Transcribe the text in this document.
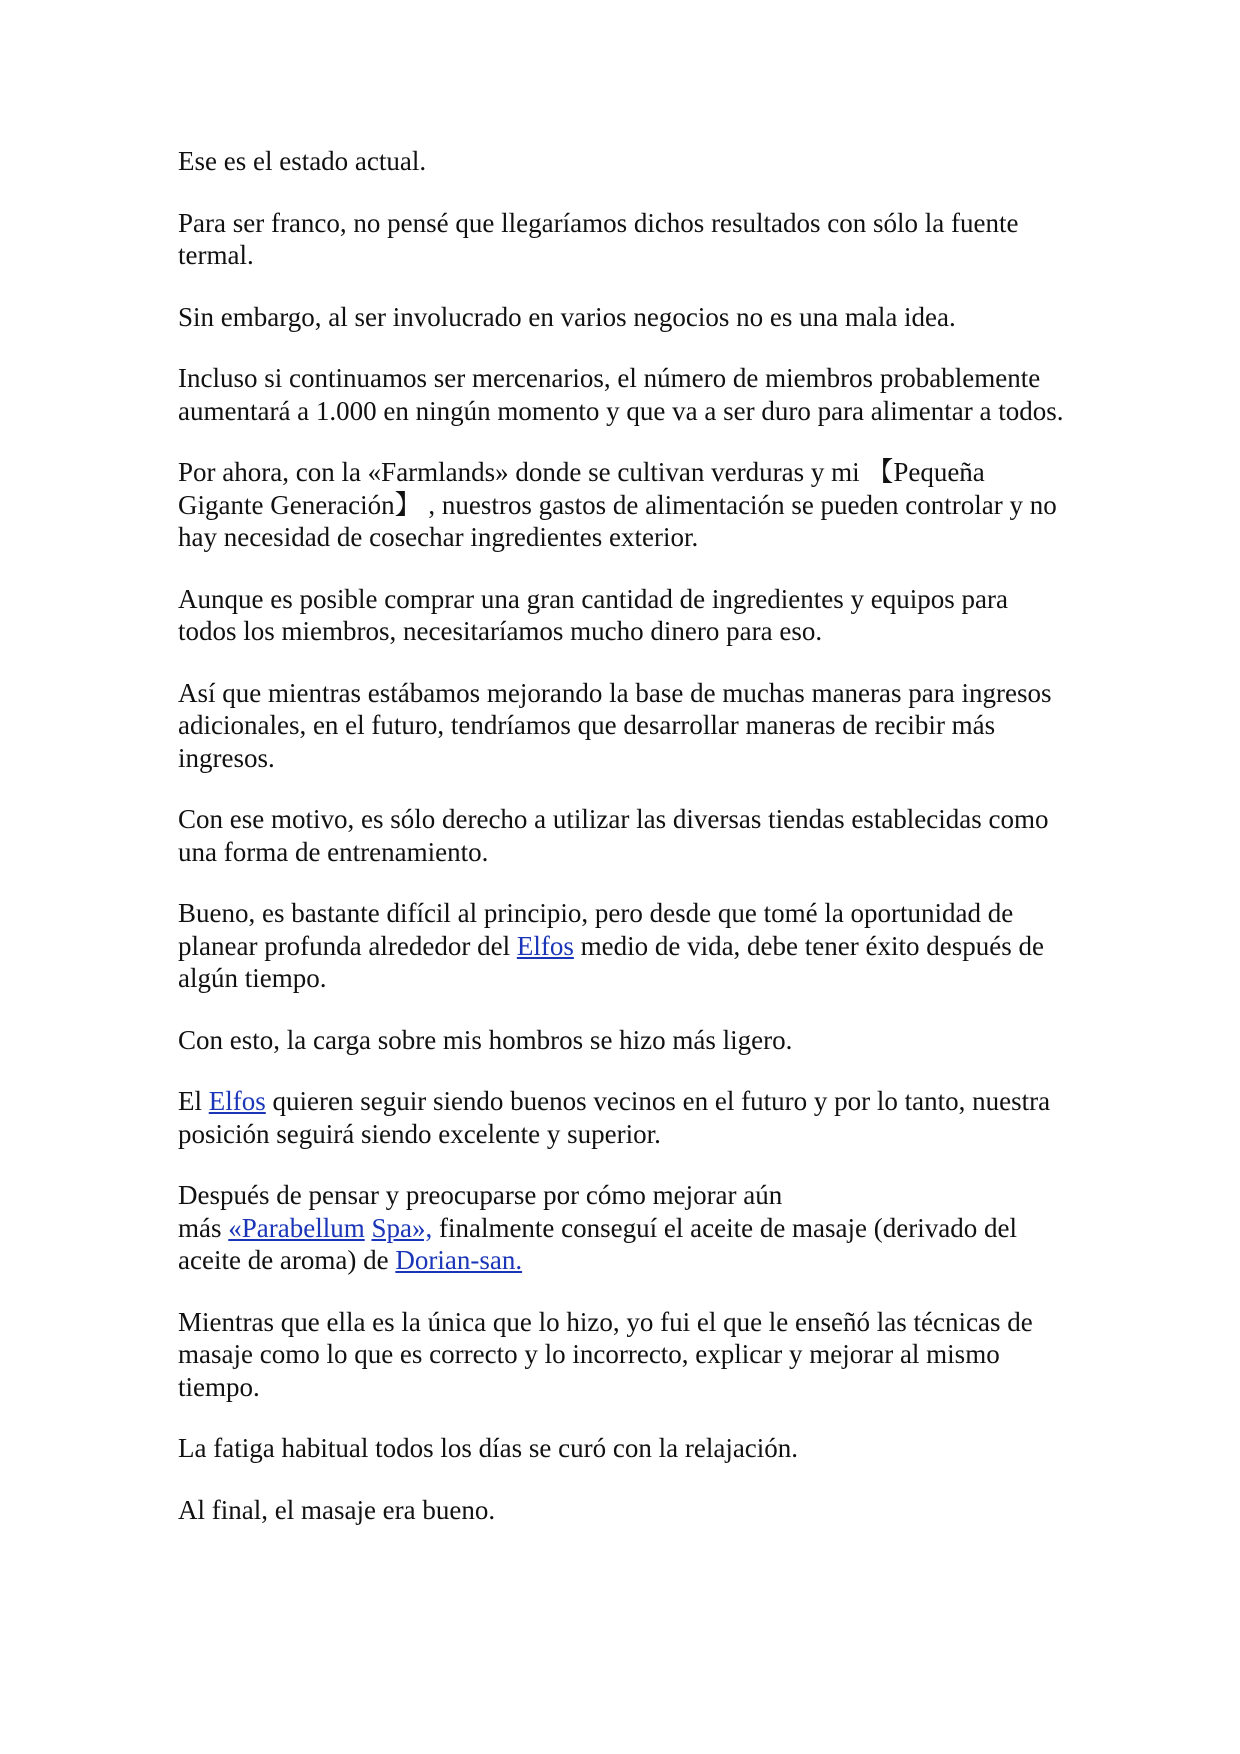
Ese es el estado actual.

Para ser franco, no pensé que llegaríamos dichos resultados con sólo la fuente termal.

Sin embargo, al ser involucrado en varios negocios no es una mala idea.

Incluso si continuamos ser mercenarios, el número de miembros probablemente aumentará a 1.000 en ningún momento y que va a ser duro para alimentar a todos.

Por ahora, con la «Farmlands» donde se cultivan verduras y mi 【Pequeña Gigante Generación】 , nuestros gastos de alimentación se pueden controlar y no hay necesidad de cosechar ingredientes exterior.

Aunque es posible comprar una gran cantidad de ingredientes y equipos para todos los miembros, necesitaríamos mucho dinero para eso.

Así que mientras estábamos mejorando la base de muchas maneras para ingresos adicionales, en el futuro, tendríamos que desarrollar maneras de recibir más ingresos.

Con ese motivo, es sólo derecho a utilizar las diversas tiendas establecidas como una forma de entrenamiento.

Bueno, es bastante difícil al principio, pero desde que tomé la oportunidad de planear profunda alrededor del Elfos medio de vida, debe tener éxito después de algún tiempo.

Con esto, la carga sobre mis hombros se hizo más ligero.

El Elfos quieren seguir siendo buenos vecinos en el futuro y por lo tanto, nuestra posición seguirá siendo excelente y superior.

Después de pensar y preocuparse por cómo mejorar aún
más «Parabellum Spa», finalmente conseguí el aceite de masaje (derivado del aceite de aroma) de Dorian-san.

Mientras que ella es la única que lo hizo, yo fui el que le enseñó las técnicas de masaje como lo que es correcto y lo incorrecto, explicar y mejorar al mismo tiempo.

La fatiga habitual todos los días se curó con la relajación.

Al final, el masaje era bueno.
